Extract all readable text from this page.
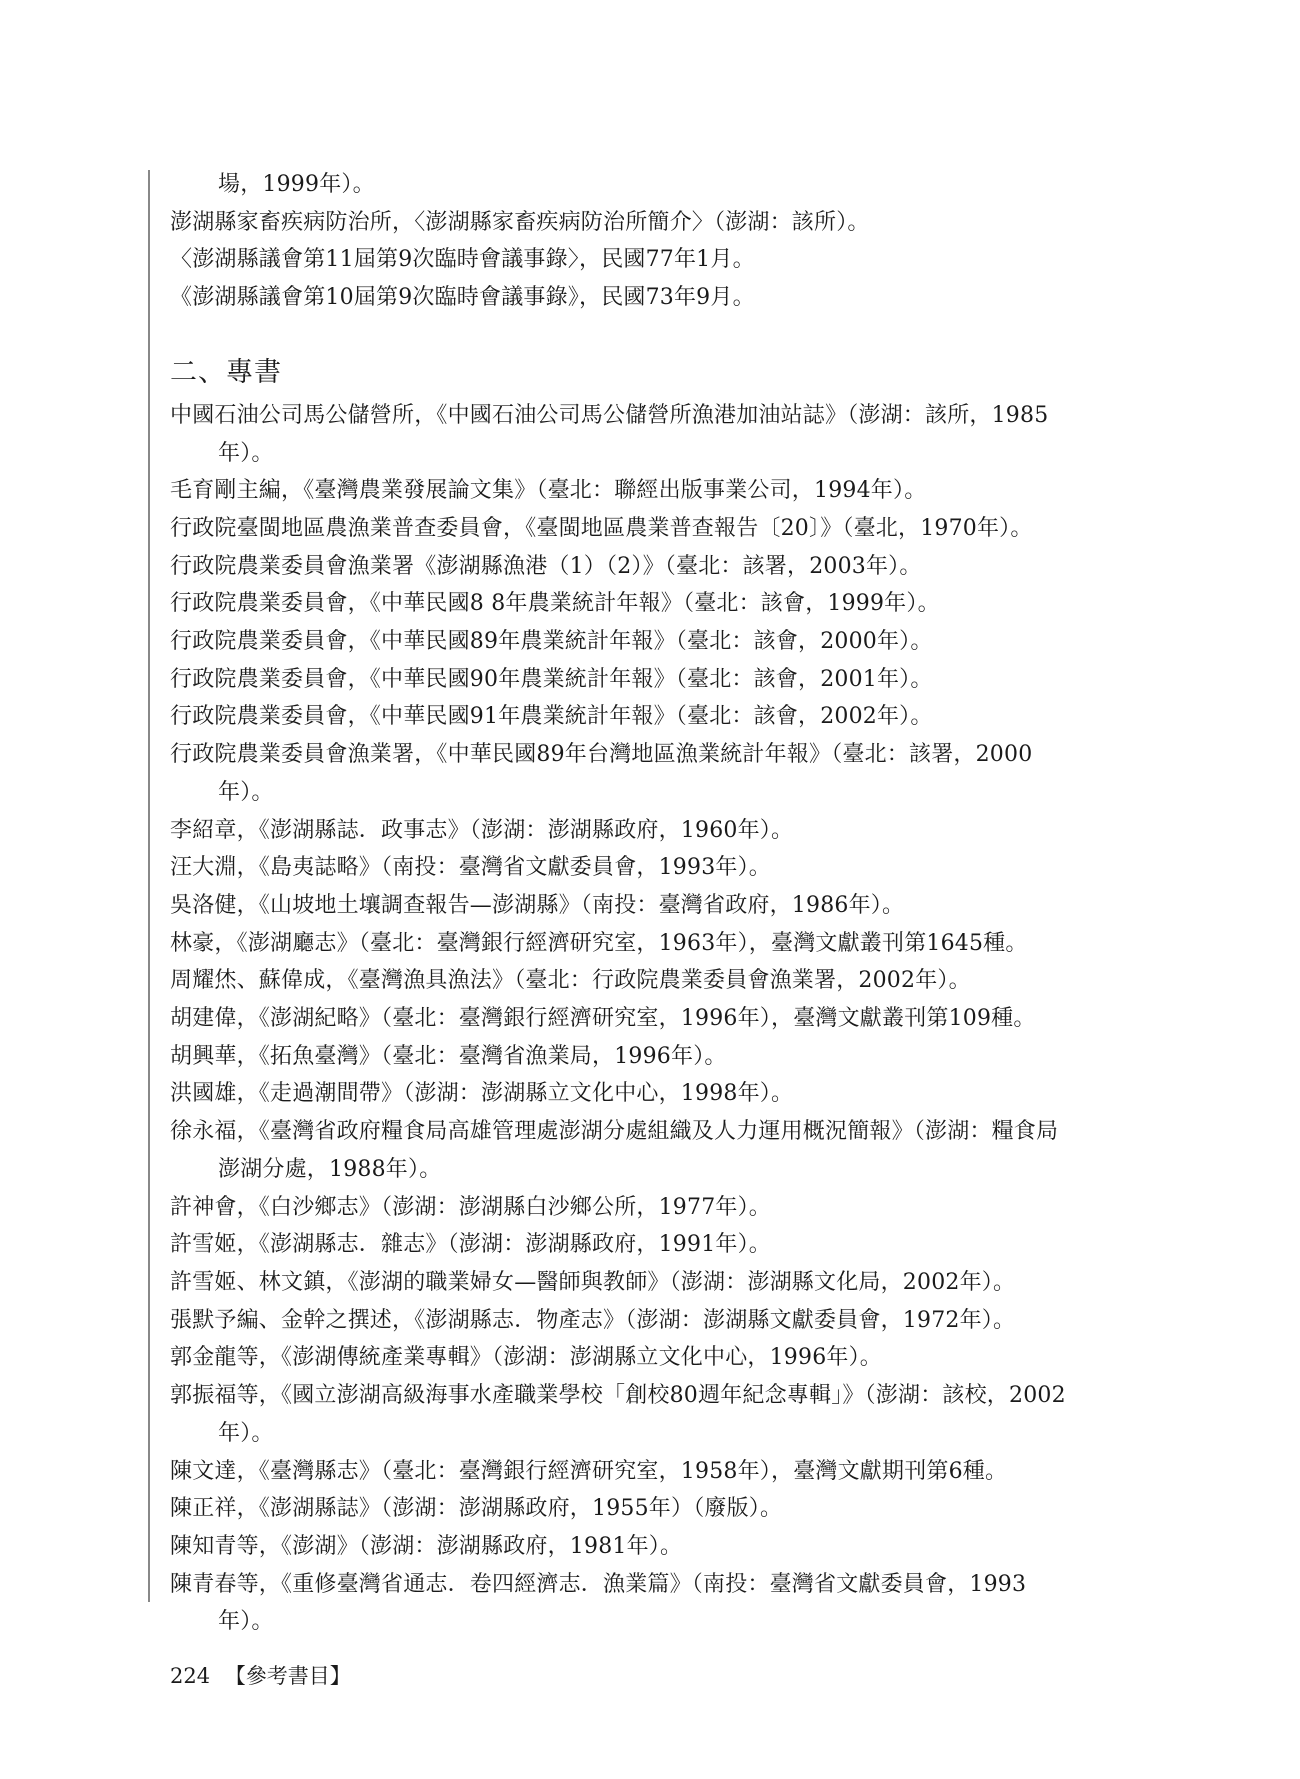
場，1999年）。
澎湖縣家畜疾病防治所，〈澎湖縣家畜疾病防治所簡介〉（澎湖：該所）。
〈澎湖縣議會第11屆第9次臨時會議事錄〉，民國77年1月。
《澎湖縣議會第10屆第9次臨時會議事錄》，民國73年9月。
二、專書
中國石油公司馬公儲營所，《中國石油公司馬公儲營所漁港加油站誌》（澎湖：該所，1985
年）。
毛育剛主編，《臺灣農業發展論文集》（臺北：聯經出版事業公司，1994年）。
行政院臺閩地區農漁業普查委員會，《臺閩地區農業普查報告〔20〕》（臺北，1970年）。
行政院農業委員會漁業署《澎湖縣漁港（1）（2）》（臺北：該署，2003年）。
行政院農業委員會，《中華民國8 8年農業統計年報》（臺北：該會，1999年）。
行政院農業委員會，《中華民國89年農業統計年報》（臺北：該會，2000年）。
行政院農業委員會，《中華民國90年農業統計年報》（臺北：該會，2001年）。
行政院農業委員會，《中華民國91年農業統計年報》（臺北：該會，2002年）。
行政院農業委員會漁業署，《中華民國89年台灣地區漁業統計年報》（臺北：該署，2000
年）。
李紹章，《澎湖縣誌．政事志》（澎湖：澎湖縣政府，1960年）。
汪大淵，《島夷誌略》（南投：臺灣省文獻委員會，1993年）。
吳洛健，《山坡地土壤調查報告—澎湖縣》（南投：臺灣省政府，1986年）。
林豪，《澎湖廳志》（臺北：臺灣銀行經濟研究室，1963年），臺灣文獻叢刊第1645種。
周耀烋、蘇偉成，《臺灣漁具漁法》（臺北：行政院農業委員會漁業署，2002年）。
胡建偉，《澎湖紀略》（臺北：臺灣銀行經濟研究室，1996年），臺灣文獻叢刊第109種。
胡興華，《拓魚臺灣》（臺北：臺灣省漁業局，1996年）。
洪國雄，《走過潮間帶》（澎湖：澎湖縣立文化中心，1998年）。
徐永福，《臺灣省政府糧食局高雄管理處澎湖分處組織及人力運用概況簡報》（澎湖：糧食局
澎湖分處，1988年）。
許神會，《白沙鄉志》（澎湖：澎湖縣白沙鄉公所，1977年）。
許雪姬，《澎湖縣志．雜志》（澎湖：澎湖縣政府，1991年）。
許雪姬、林文鎮，《澎湖的職業婦女—醫師與教師》（澎湖：澎湖縣文化局，2002年）。
張默予編、金幹之撰述，《澎湖縣志．物產志》（澎湖：澎湖縣文獻委員會，1972年）。
郭金龍等，《澎湖傳統產業專輯》（澎湖：澎湖縣立文化中心，1996年）。
郭振福等，《國立澎湖高級海事水產職業學校「創校80週年紀念專輯」》（澎湖：該校，2002
年）。
陳文達，《臺灣縣志》（臺北：臺灣銀行經濟研究室，1958年），臺灣文獻期刊第6種。
陳正祥，《澎湖縣誌》（澎湖：澎湖縣政府，1955年）（廢版）。
陳知青等，《澎湖》（澎湖：澎湖縣政府，1981年）。
陳青春等，《重修臺灣省通志．卷四經濟志．漁業篇》（南投：臺灣省文獻委員會，1993
年）。
224 【參考書目】
